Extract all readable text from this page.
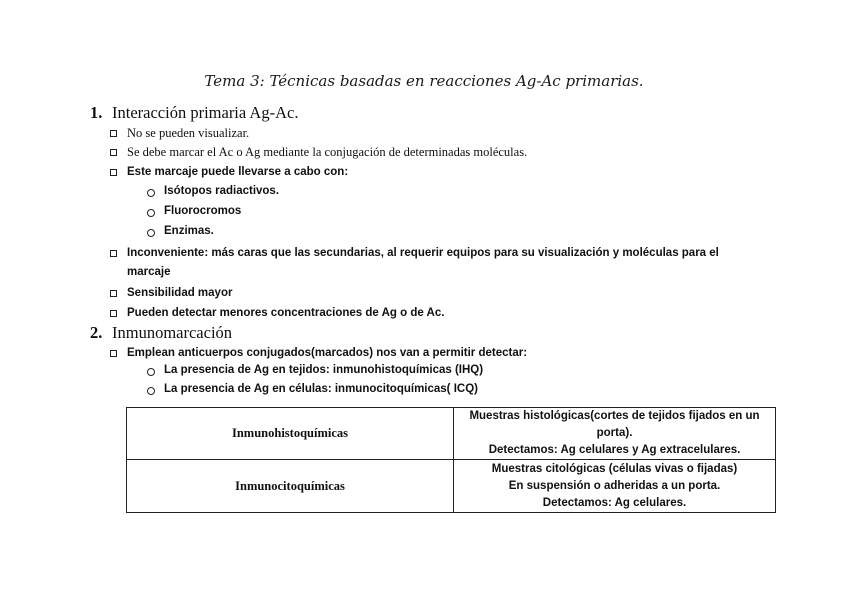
Tema 3: Técnicas basadas en reacciones Ag-Ac primarias.
1. Interacción primaria Ag-Ac.
No se pueden visualizar.
Se debe marcar el Ac o Ag mediante la conjugación de determinadas moléculas.
Este marcaje puede llevarse a cabo con:
Isótopos radiactivos.
Fluorocromos
Enzimas.
Inconveniente: más caras que las secundarias, al requerir equipos para su visualización y moléculas para el marcaje
Sensibilidad mayor
Pueden detectar menores concentraciones de Ag o de Ac.
2. Inmunomarcación
Emplean anticuerpos conjugados(marcados) nos van a permitir detectar:
La presencia de Ag en tejidos: inmunohistoquímicas (IHQ)
La presencia de Ag en células: inmunocitoquímicas( ICQ)
Inmunohistoquímicas	Muestras histológicas(cortes de tejidos fijados en un porta).
Detectamos: Ag celulares y Ag extracelulares.

Inmunocitoquímicas	Muestras citológicas (células vivas o fijadas)
En suspensión o adheridas a un porta.
Detectamos: Ag celulares.
